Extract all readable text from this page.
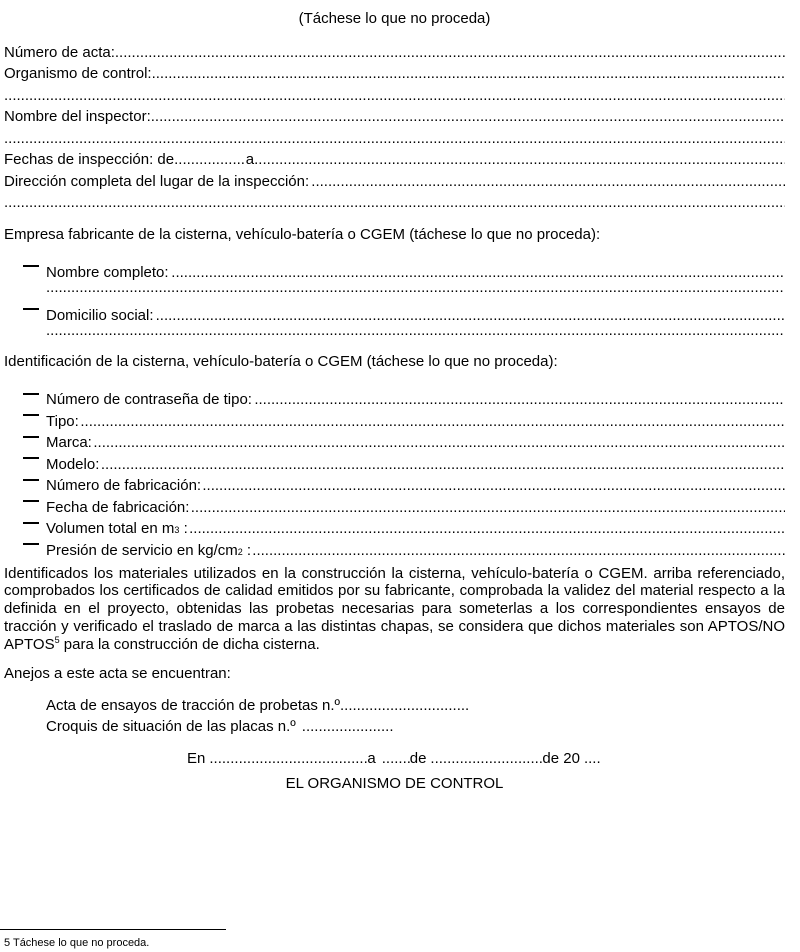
(Táchese lo que no proceda)
Número de acta:
.....
Organismo de control:
.....
.....
Nombre del inspector:
.....
.....
Fechas de inspección: de .....	a
.....
Dirección completa del lugar de la inspección:
.....
.....
Empresa fabricante de la cisterna, vehículo-batería o CGEM (táchese lo que no proceda):
Nombre completo:
.....
.....
Domicilio social:
.....
.....
Identificación de la cisterna, vehículo-batería o CGEM (táchese lo que no proceda):
Número de contraseña de tipo:
.....
Tipo:
.....
Marca:
.....
Modelo:
.....
Número de fabricación:
.....
Fecha de fabricación:
.....
Volumen total en m 3 :
.....
Presión de servicio en kg/cm 2 :
.....
Identificados los materiales utilizados en la construcción la cisterna, vehículo-batería o CGEM. arriba referenciado, comprobados los certificados de calidad emitidos por su fabricante, comprobada la validez del material respecto a la definida en el proyecto, obtenidas las probetas necesarias para someterlas a los correspondientes ensayos de tracción y verificado el traslado de marca a las distintas chapas, se considera que dichos materiales son APTOS/NO APTOS$^5$ para la construcción de dicha cisterna.
Anejos a este acta se encuentran:
Acta de ensayos de tracción de probetas n.º
.....
Croquis de situación de las placas n.º
.....
En .....	a ..... de .....	de 20
.....
EL ORGANISMO DE CONTROL
5 Táchese lo que no proceda.
